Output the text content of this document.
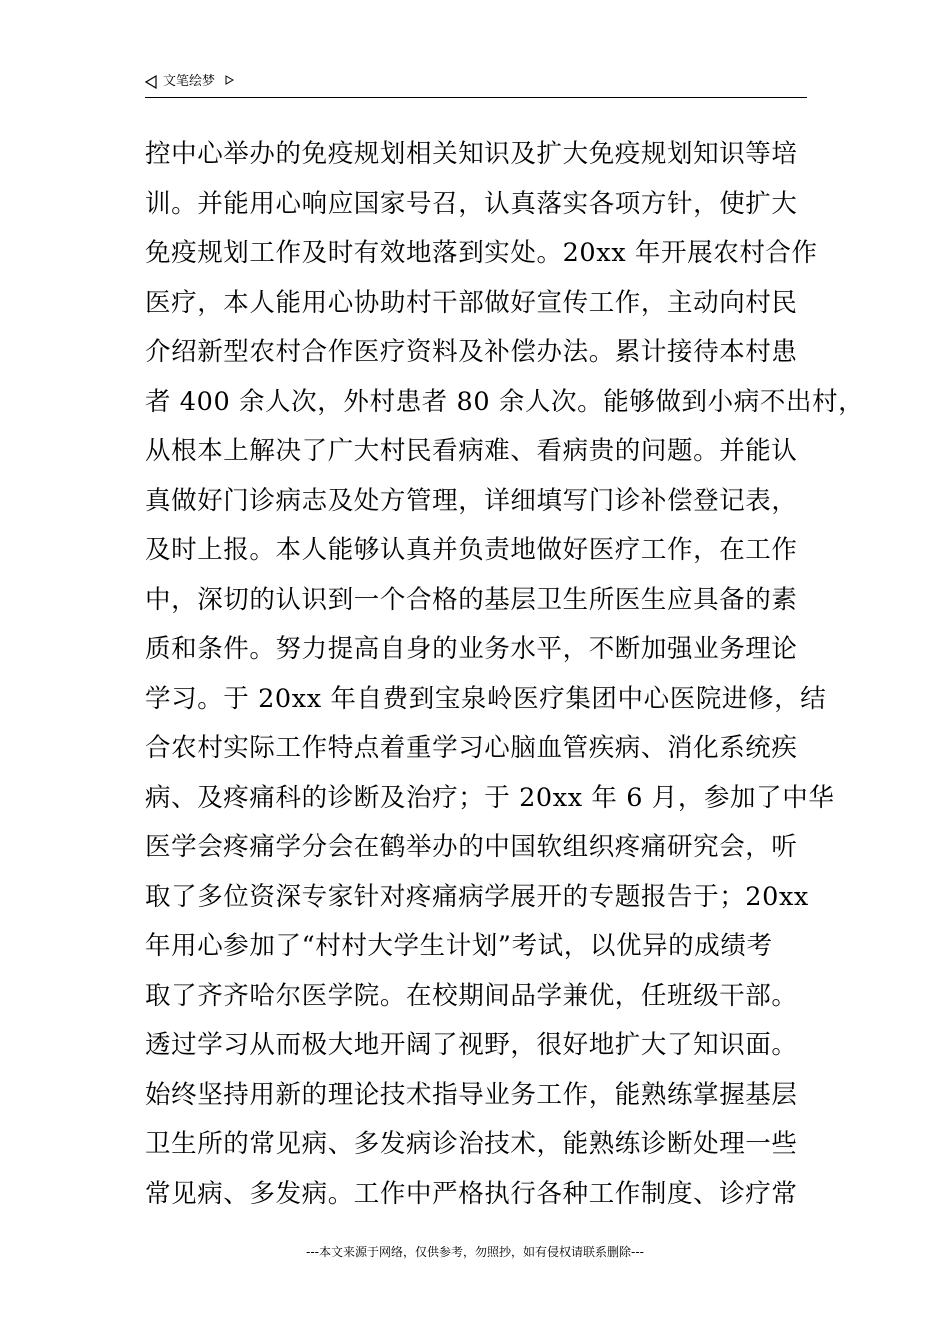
文笔绘梦
控中心举办的免疫规划相关知识及扩大免疫规划知识等培
训。并能用心响应国家号召，认真落实各项方针，使扩大
免疫规划工作及时有效地落到实处。20xx 年开展农村合作
医疗，本人能用心协助村干部做好宣传工作，主动向村民
介绍新型农村合作医疗资料及补偿办法。累计接待本村患
者 400 余人次，外村患者 80 余人次。能够做到小病不出村，
从根本上解决了广大村民看病难、看病贵的问题。并能认
真做好门诊病志及处方管理，详细填写门诊补偿登记表，
及时上报。本人能够认真并负责地做好医疗工作，在工作
中，深切的认识到一个合格的基层卫生所医生应具备的素
质和条件。努力提高自身的业务水平，不断加强业务理论
学习。于 20xx 年自费到宝泉岭医疗集团中心医院进修，结
合农村实际工作特点着重学习心脑血管疾病、消化系统疾
病、及疼痛科的诊断及治疗；于 20xx 年 6 月，参加了中华
医学会疼痛学分会在鹤举办的中国软组织疼痛研究会，听
取了多位资深专家针对疼痛病学展开的专题报告于；20xx
年用心参加了“村村大学生计划”考试，以优异的成绩考
取了齐齐哈尔医学院。在校期间品学兼优，任班级干部。
透过学习从而极大地开阔了视野，很好地扩大了知识面。
始终坚持用新的理论技术指导业务工作，能熟练掌握基层
卫生所的常见病、多发病诊治技术，能熟练诊断处理一些
常见病、多发病。工作中严格执行各种工作制度、诊疗常
---本文来源于网络，仅供参考，勿照抄，如有侵权请联系删除---
